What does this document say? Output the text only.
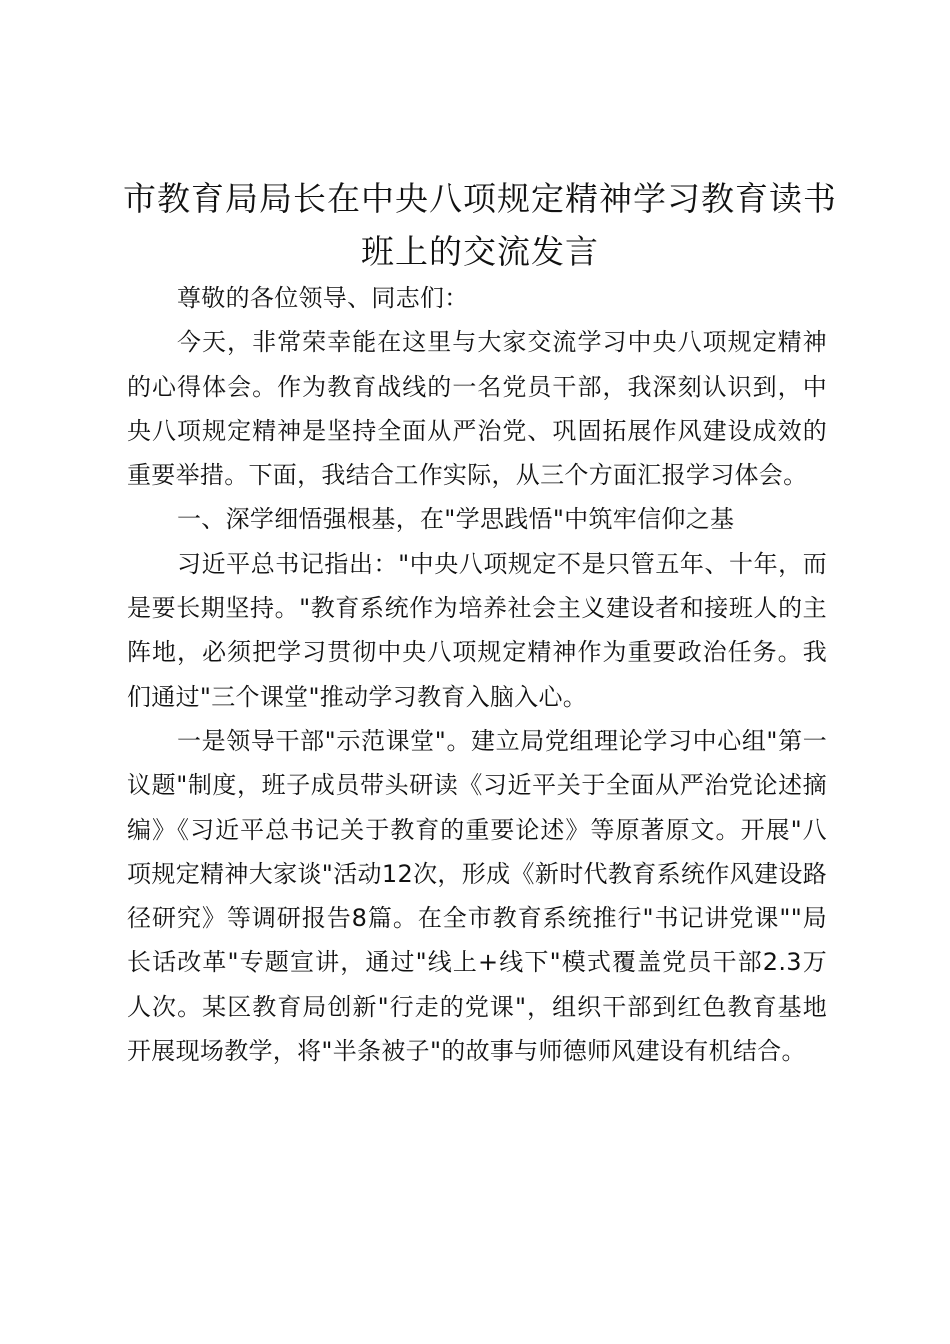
市教育局局长在中央八项规定精神学习教育读书班上的交流发言

尊敬的各位领导、同志们：

今天，非常荣幸能在这里与大家交流学习中央八项规定精神的心得体会。作为教育战线的一名党员干部，我深刻认识到，中央八项规定精神是坚持全面从严治党、巩固拓展作风建设成效的重要举措。下面，我结合工作实际，从三个方面汇报学习体会。

一、深学细悟强根基，在"学思践悟"中筑牢信仰之基

习近平总书记指出："中央八项规定不是只管五年、十年，而是要长期坚持。"教育系统作为培养社会主义建设者和接班人的主阵地，必须把学习贯彻中央八项规定精神作为重要政治任务。我们通过"三个课堂"推动学习教育入脑入心。

一是领导干部"示范课堂"。建立局党组理论学习中心组"第一议题"制度，班子成员带头研读《习近平关于全面从严治党论述摘编》《习近平总书记关于教育的重要论述》等原著原文。开展"八项规定精神大家谈"活动12次，形成《新时代教育系统作风建设路径研究》等调研报告8篇。在全市教育系统推行"书记讲党课""局长话改革"专题宣讲，通过"线上+线下"模式覆盖党员干部2.3万人次。某区教育局创新"行走的党课"，组织干部到红色教育基地开展现场教学，将"半条被子"的故事与师德师风建设有机结合。
